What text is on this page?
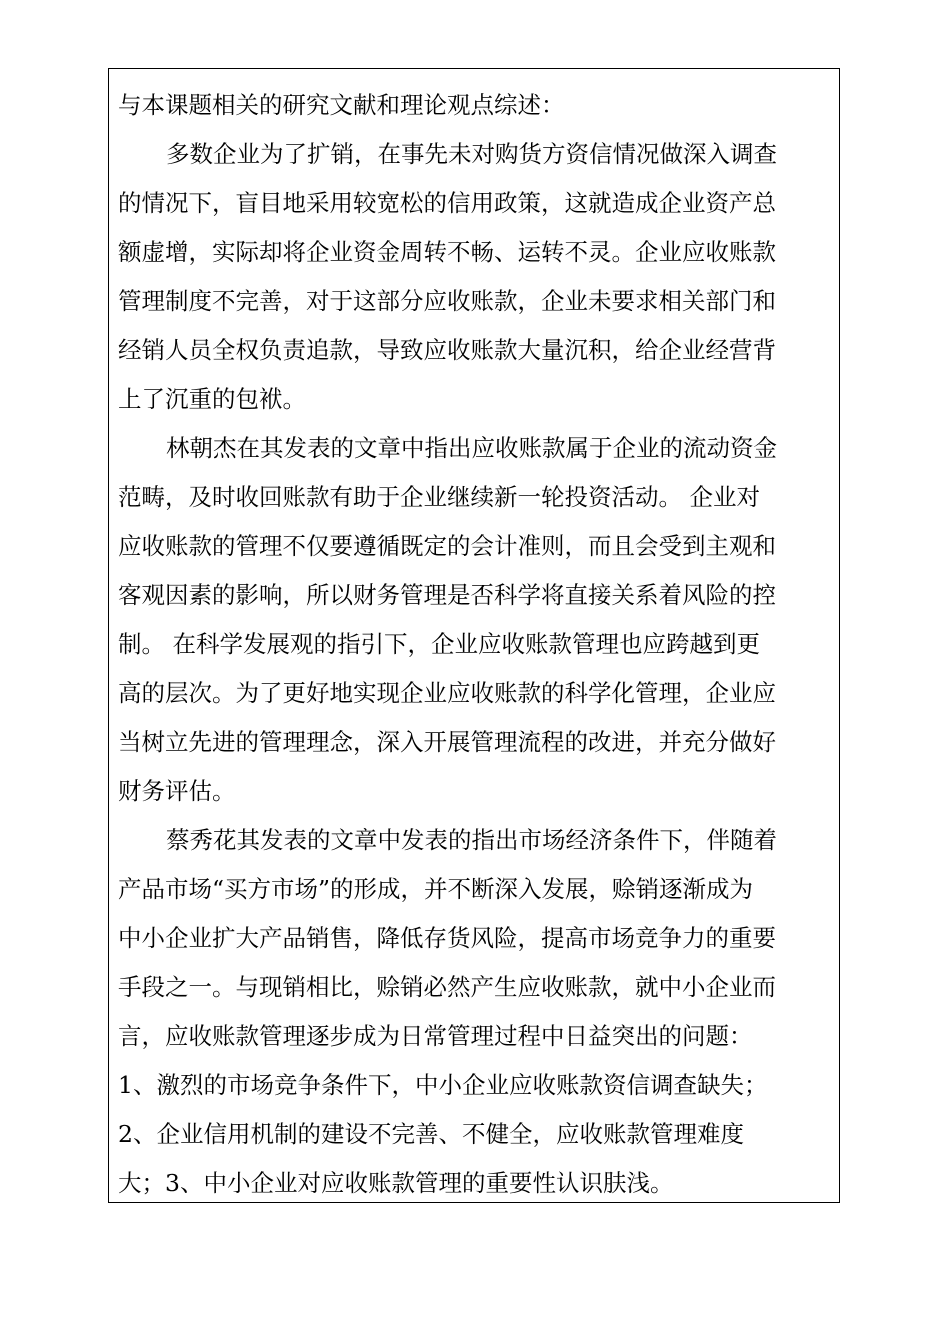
与本课题相关的研究文献和理论观点综述：

多数企业为了扩销，在事先未对购货方资信情况做深入调查
的情况下，盲目地采用较宽松的信用政策，这就造成企业资产总
额虚增，实际却将企业资金周转不畅、运转不灵。企业应收账款
管理制度不完善，对于这部分应收账款，企业未要求相关部门和
经销人员全权负责追款，导致应收账款大量沉积，给企业经营背
上了沉重的包袱。
林朝杰在其发表的文章中指出应收账款属于企业的流动资金
范畴，及时收回账款有助于企业继续新一轮投资活动。 企业对
应收账款的管理不仅要遵循既定的会计准则，而且会受到主观和
客观因素的影响，所以财务管理是否科学将直接关系着风险的控
制。 在科学发展观的指引下，企业应收账款管理也应跨越到更
高的层次。为了更好地实现企业应收账款的科学化管理，企业应
当树立先进的管理理念，深入开展管理流程的改进，并充分做好
财务评估。
蔡秀花其发表的文章中发表的指出市场经济条件下，伴随着
产品市场“买方市场”的形成，并不断深入发展，赊销逐渐成为
中小企业扩大产品销售，降低存货风险，提高市场竞争力的重要
手段之一。与现销相比，赊销必然产生应收账款，就中小企业而
言，应收账款管理逐步成为日常管理过程中日益突出的问题：
1、激烈的市场竞争条件下，中小企业应收账款资信调查缺失；
2、企业信用机制的建设不完善、不健全，应收账款管理难度
大；3、中小企业对应收账款管理的重要性认识肤浅。
